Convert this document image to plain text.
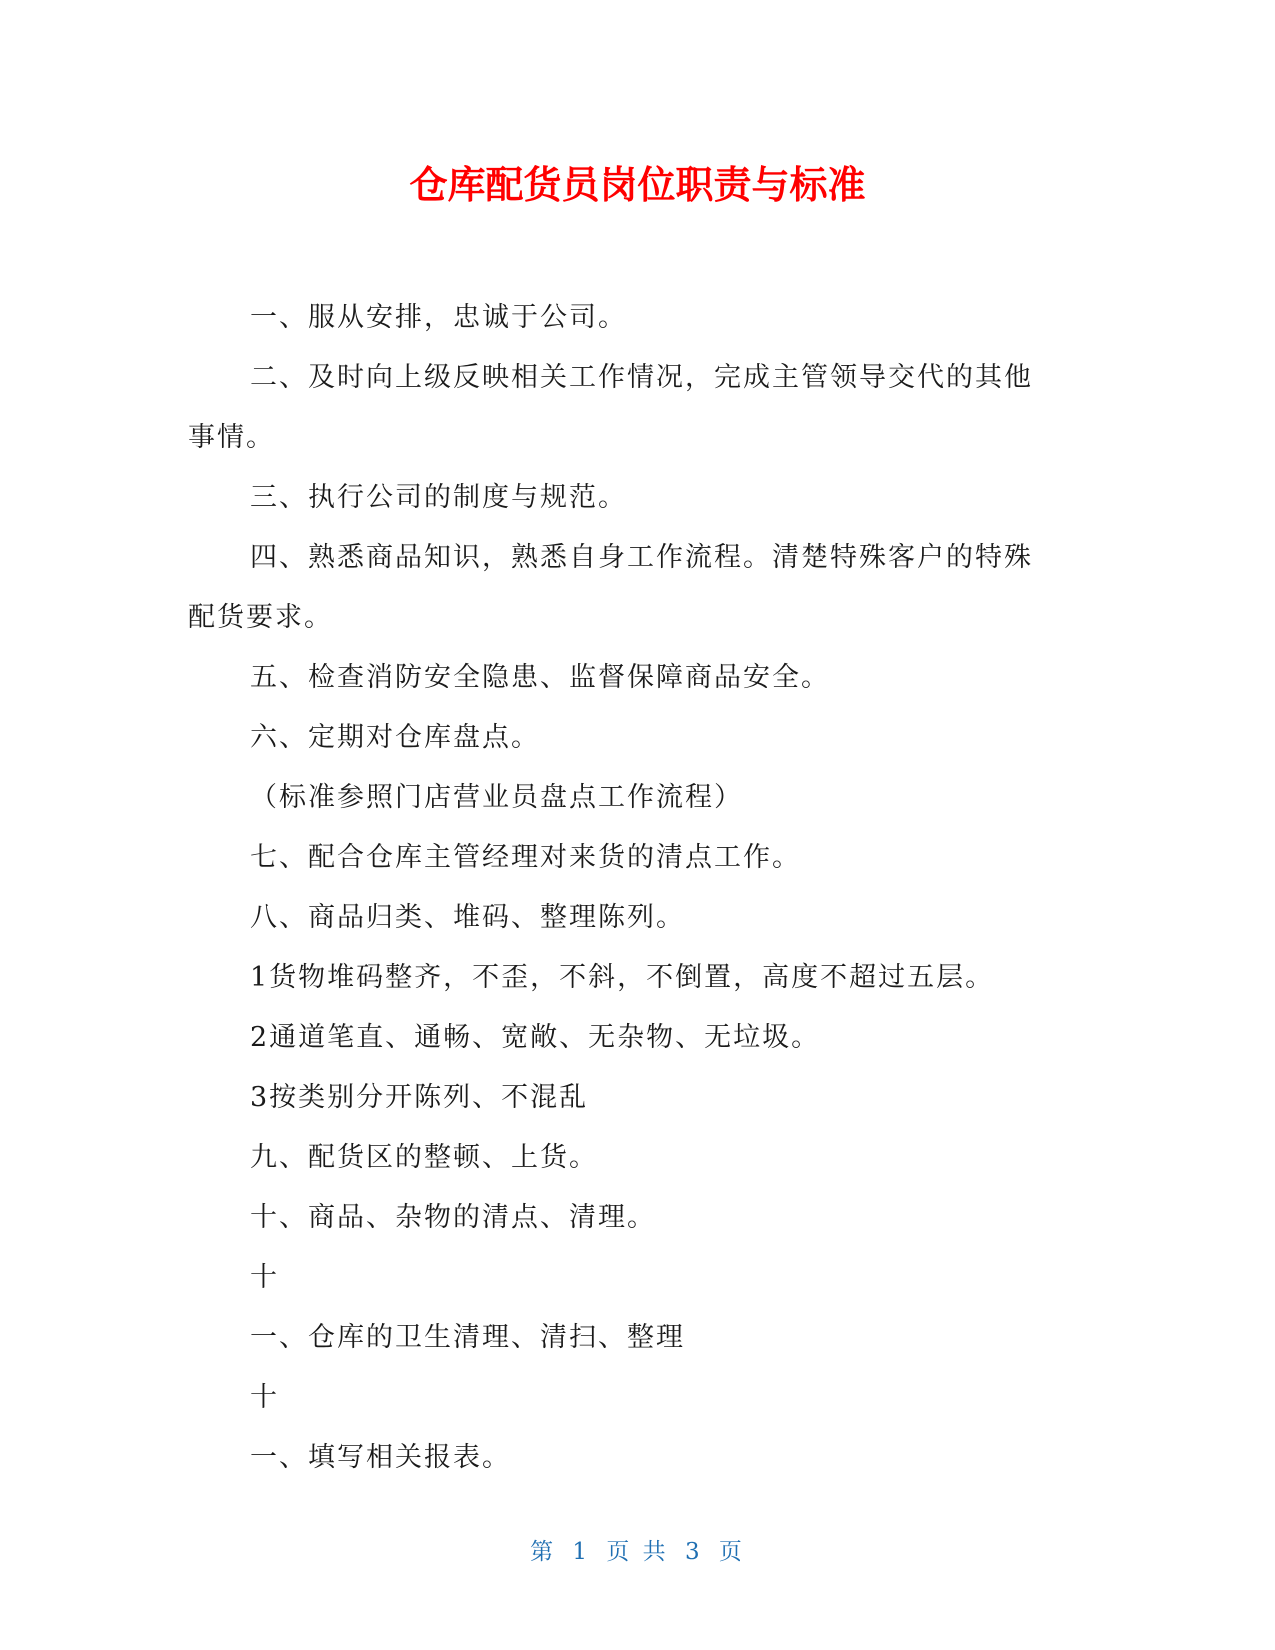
仓库配货员岗位职责与标准

一、服从安排，忠诚于公司。

二、及时向上级反映相关工作情况，完成主管领导交代的其他事情。

三、执行公司的制度与规范。

四、熟悉商品知识，熟悉自身工作流程。清楚特殊客户的特殊配货要求。

五、检查消防安全隐患、监督保障商品安全。

六、定期对仓库盘点。

（标准参照门店营业员盘点工作流程）

七、配合仓库主管经理对来货的清点工作。

八、商品归类、堆码、整理陈列。

1货物堆码整齐，不歪，不斜，不倒置，高度不超过五层。

2通道笔直、通畅、宽敞、无杂物、无垃圾。

3按类别分开陈列、不混乱

九、配货区的整顿、上货。

十、商品、杂物的清点、清理。

十

一、仓库的卫生清理、清扫、整理

十

一、填写相关报表。

第 1 页 共 3 页
